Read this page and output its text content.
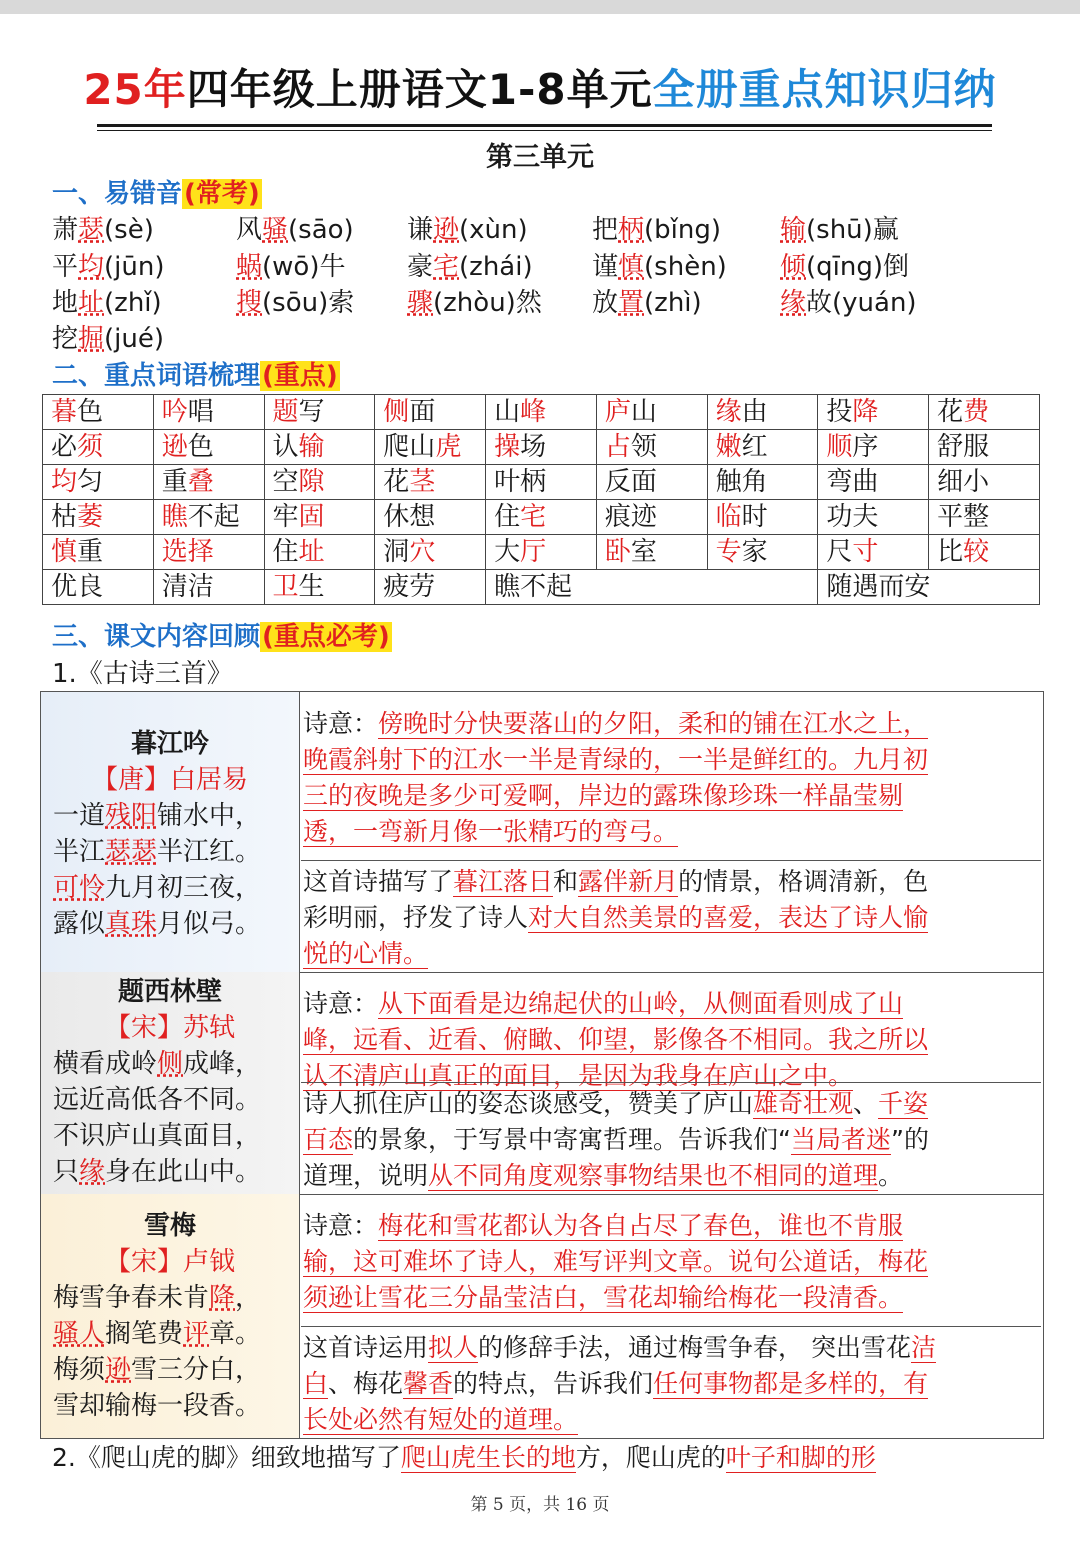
25年四年级上册语文1-8单元全册重点知识归纳
第三单元
一、易错音(常考)
萧瑟(sè)	风骚(sāo) 谦逊(xùn) 把柄(bǐng) 输(shū)赢
平均(jūn)	蜗(wō)牛 豪宅(zhái) 谨慎(shèn) 倾(qīng)倒
地址(zhǐ)	搜(sōu)索 骤(zhòu)然 放置(zhì)	缘故(yuán)
挖掘(jué)
二、重点词语梳理(重点)
暮色	吟唱	题写	侧面	山峰	庐山	缘由	投降	花费
必须	逊色	认输	爬山虎	操场	占领	嫩红	顺序	舒服
均匀	重叠	空隙	花茎	叶柄	反面	触角	弯曲	细小
枯萎	瞧不起	牢固	休想	住宅	痕迹	临时	功夫	平整
慎重	选择	住址	洞穴	大厅	卧室	专家	尺寸	比较
优良	清洁	卫生	疲劳	瞧不起			随遇而安	
三、课文内容回顾(重点必考)
1.《古诗三首》
暮江吟
【唐】白居易
一道残阳铺水中，
半江瑟瑟半江红。
可怜九月初三夜，
露似真珠月似弓。
诗意：傍晚时分快要落山的夕阳，柔和的铺在江水之上，
晚霞斜射下的江水一半是青绿的，一半是鲜红的。九月初
三的夜晚是多少可爱啊，岸边的露珠像珍珠一样晶莹剔
透，一弯新月像一张精巧的弯弓。
这首诗描写了暮江落日和露伴新月的情景，格调清新，色
彩明丽，抒发了诗人对大自然美景的喜爱，表达了诗人愉
悦的心情。
题西林壁
【宋】苏轼
横看成岭侧成峰，
远近高低各不同。
不识庐山真面目，
只缘身在此山中。
诗意：从下面看是边绵起伏的山岭，从侧面看则成了山
峰，远看、近看、俯瞰、仰望，影像各不相同。我之所以
认不清庐山真正的面目，是因为我身在庐山之中。
诗人抓住庐山的姿态谈感受，赞美了庐山雄奇壮观、千姿
百态的景象，于写景中寄寓哲理。告诉我们“当局者迷”的
道理，说明从不同角度观察事物结果也不相同的道理。
雪梅
【宋】卢钺
梅雪争春未肯降，
骚人搁笔费评章。
梅须逊雪三分白，
雪却输梅一段香。
诗意：梅花和雪花都认为各自占尽了春色，谁也不肯服
输，这可难坏了诗人，难写评判文章。说句公道话，梅花
须逊让雪花三分晶莹洁白，雪花却输给梅花一段清香。
这首诗运用拟人的修辞手法，通过梅雪争春， 突出雪花洁
白、梅花馨香的特点，告诉我们任何事物都是多样的，有
长处必然有短处的道理。
2.《爬山虎的脚》细致地描写了爬山虎生长的地方，爬山虎的叶子和脚的形
第 5 页，共 16 页
